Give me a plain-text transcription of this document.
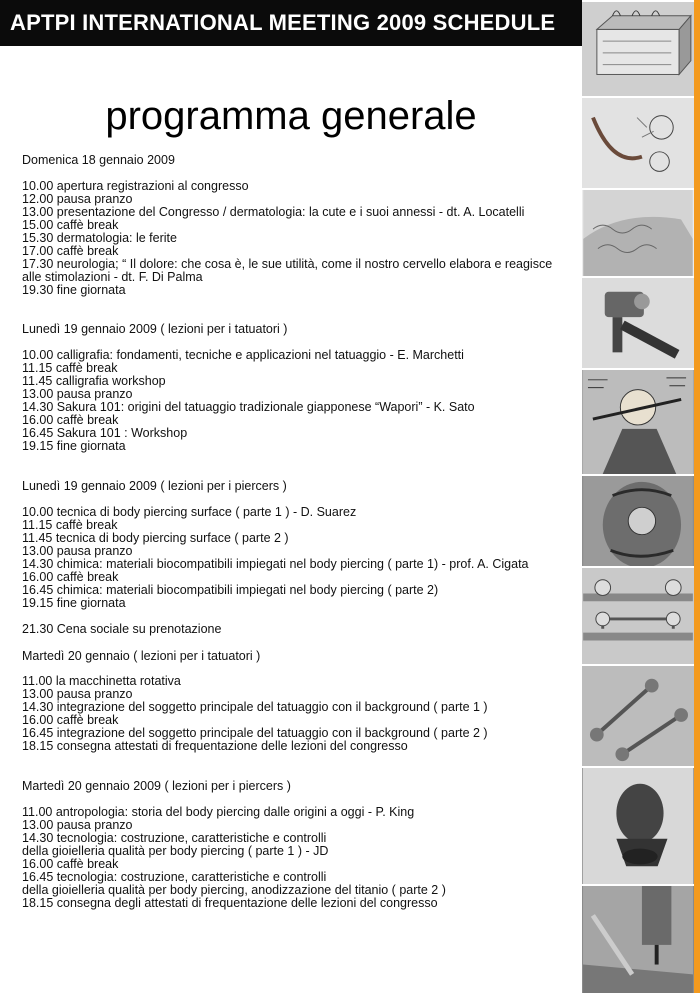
APTPI INTERNATIONAL MEETING 2009 SCHEDULE
programma generale
Domenica 18 gennaio 2009
10.00 apertura registrazioni al congresso
12.00 pausa pranzo
13.00 presentazione del Congresso / dermatologia: la cute e i suoi annessi - dt. A. Locatelli
15.00 caffè break
15.30 dermatologia: le ferite
17.00 caffè break
17.30 neurologia; “ Il dolore: che cosa è, le sue utilità, come il nostro cervello elabora e reagisce
alle stimolazioni - dt. F. Di Palma
19.30 fine giornata
Lunedì 19 gennaio 2009 ( lezioni per i tatuatori )
10.00 calligrafia: fondamenti, tecniche e applicazioni nel tatuaggio - E. Marchetti
11.15 caffè break
11.45 calligrafia workshop
13.00 pausa pranzo
14.30 Sakura 101: origini del tatuaggio tradizionale giapponese “Wapori” - K. Sato
16.00 caffè break
16.45 Sakura 101 : Workshop
19.15 fine giornata
Lunedì 19 gennaio 2009 ( lezioni per i piercers )
10.00 tecnica di body piercing surface ( parte 1 ) - D. Suarez
11.15 caffè break
11.45 tecnica di body piercing surface ( parte 2 )
13.00 pausa pranzo
14.30 chimica: materiali biocompatibili impiegati nel body piercing ( parte 1) - prof. A. Cigata
16.00 caffè break
16.45 chimica: materiali biocompatibili impiegati nel body piercing ( parte 2)
19.15 fine giornata
21.30 Cena sociale su prenotazione
Martedì 20 gennaio ( lezioni per i tatuatori )
11.00 la macchinetta rotativa
13.00 pausa pranzo
14.30 integrazione del soggetto principale del tatuaggio con il background ( parte 1 )
16.00 caffè break
16.45 integrazione del soggetto principale del tatuaggio con il background ( parte 2 )
18.15 consegna attestati di frequentazione delle lezioni del congresso
Martedì 20 gennaio 2009 ( lezioni per i piercers )
11.00 antropologia: storia del body piercing dalle origini a oggi - P. King
13.00 pausa pranzo
14.30 tecnologia: costruzione, caratteristiche e controlli
della gioielleria qualità per body piercing ( parte 1 ) - JD
16.00 caffè break
16.45 tecnologia: costruzione, caratteristiche e controlli
della gioielleria qualità per body piercing, anodizzazione del titanio ( parte 2 )
18.15 consegna degli attestati di frequentazione delle lezioni del congresso
